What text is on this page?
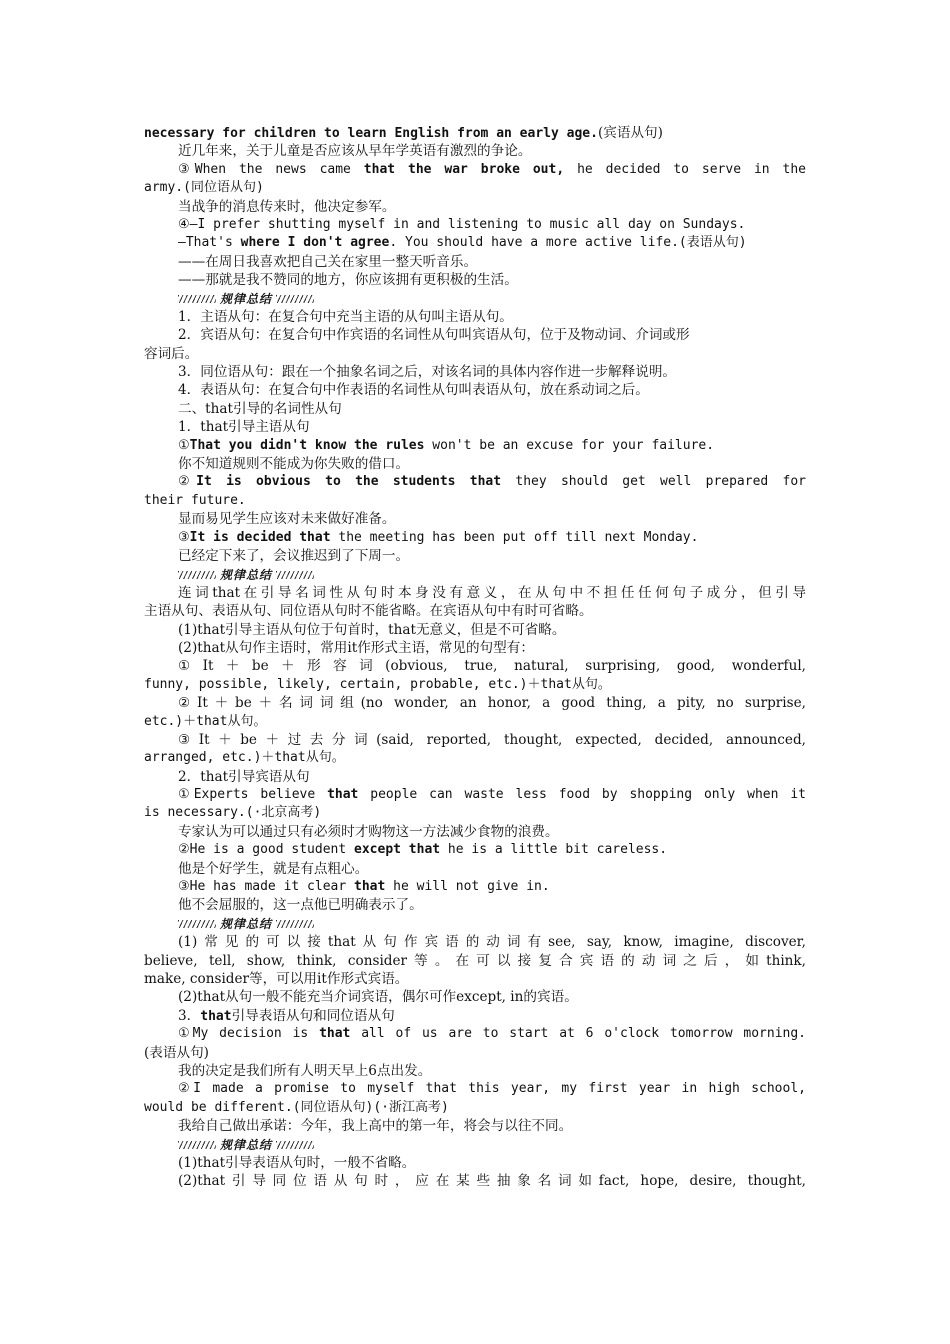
necessary for children to learn English from an early age.(宾语从句)
近几年来，关于儿童是否应该从早年学英语有激烈的争论。
③When the news came that the war broke out, he decided to serve in the
army.(同位语从句)
当战争的消息传来时，他决定参军。
④—I prefer shutting myself in and listening to music all day on Sundays.
—That's where I don't agree. You should have a more active life.(表语从句)
——在周日我喜欢把自己关在家里一整天听音乐。
——那就是我不赞同的地方，你应该拥有更积极的生活。
规律总结
1．主语从句：在复合句中充当主语的从句叫主语从句。
2．宾语从句：在复合句中作宾语的名词性从句叫宾语从句，位于及物动词、介词或形
容词后。
3．同位语从句：跟在一个抽象名词之后，对该名词的具体内容作进一步解释说明。
4．表语从句：在复合句中作表语的名词性从句叫表语从句，放在系动词之后。
二、that引导的名词性从句
1．that引导主语从句
①That you didn't know the rules won't be an excuse for your failure.
你不知道规则不能成为你失败的借口。
②It is obvious to the students that they should get well prepared for
their future.
显而易见学生应该对未来做好准备。
③It is decided that the meeting has been put off till next Monday.
已经定下来了，会议推迟到了下周一。
规律总结
连词that在引导名词性从句时本身没有意义，在从句中不担任任何句子成分，但引导
主语从句、表语从句、同位语从句时不能省略。在宾语从句中有时可省略。
(1)that引导主语从句位于句首时，that无意义，但是不可省略。
(2)that从句作主语时，常用it作形式主语，常见的句型有：
①It＋be＋形容词(obvious, true, natural, surprising, good, wonderful,
funny, possible, likely, certain, probable, etc.)＋that从句。
②It＋be＋名词词组(no wonder, an honor, a good thing, a pity, no surprise,
etc.)＋that从句。
③It＋be＋过去分词(said, reported, thought, expected, decided, announced,
arranged, etc.)＋that从句。
2．that引导宾语从句
①Experts believe that people can waste less food by shopping only when it
is necessary.(·北京高考)
专家认为可以通过只有必须时才购物这一方法减少食物的浪费。
②He is a good student except that he is a little bit careless.
他是个好学生，就是有点粗心。
③He has made it clear that he will not give in.
他不会屈服的，这一点他已明确表示了。
规律总结
(1)常见的可以接that从句作宾语的动词有see, say, know, imagine, discover,
believe, tell, show, think, consider等。在可以接复合宾语的动词之后，如think,
make, consider等，可以用it作形式宾语。
(2)that从句一般不能充当介词宾语，偶尔可作except, in的宾语。
3．that引导表语从句和同位语从句
①My decision is that all of us are to start at 6 o'clock tomorrow morning.
(表语从句)
我的决定是我们所有人明天早上6点出发。
②I made a promise to myself that this year, my first year in high school,
would be different.(同位语从句)(·浙江高考)
我给自己做出承诺：今年，我上高中的第一年，将会与以往不同。
规律总结
(1)that引导表语从句时，一般不省略。
(2)that引导同位语从句时，应在某些抽象名词如fact, hope, desire, thought,
